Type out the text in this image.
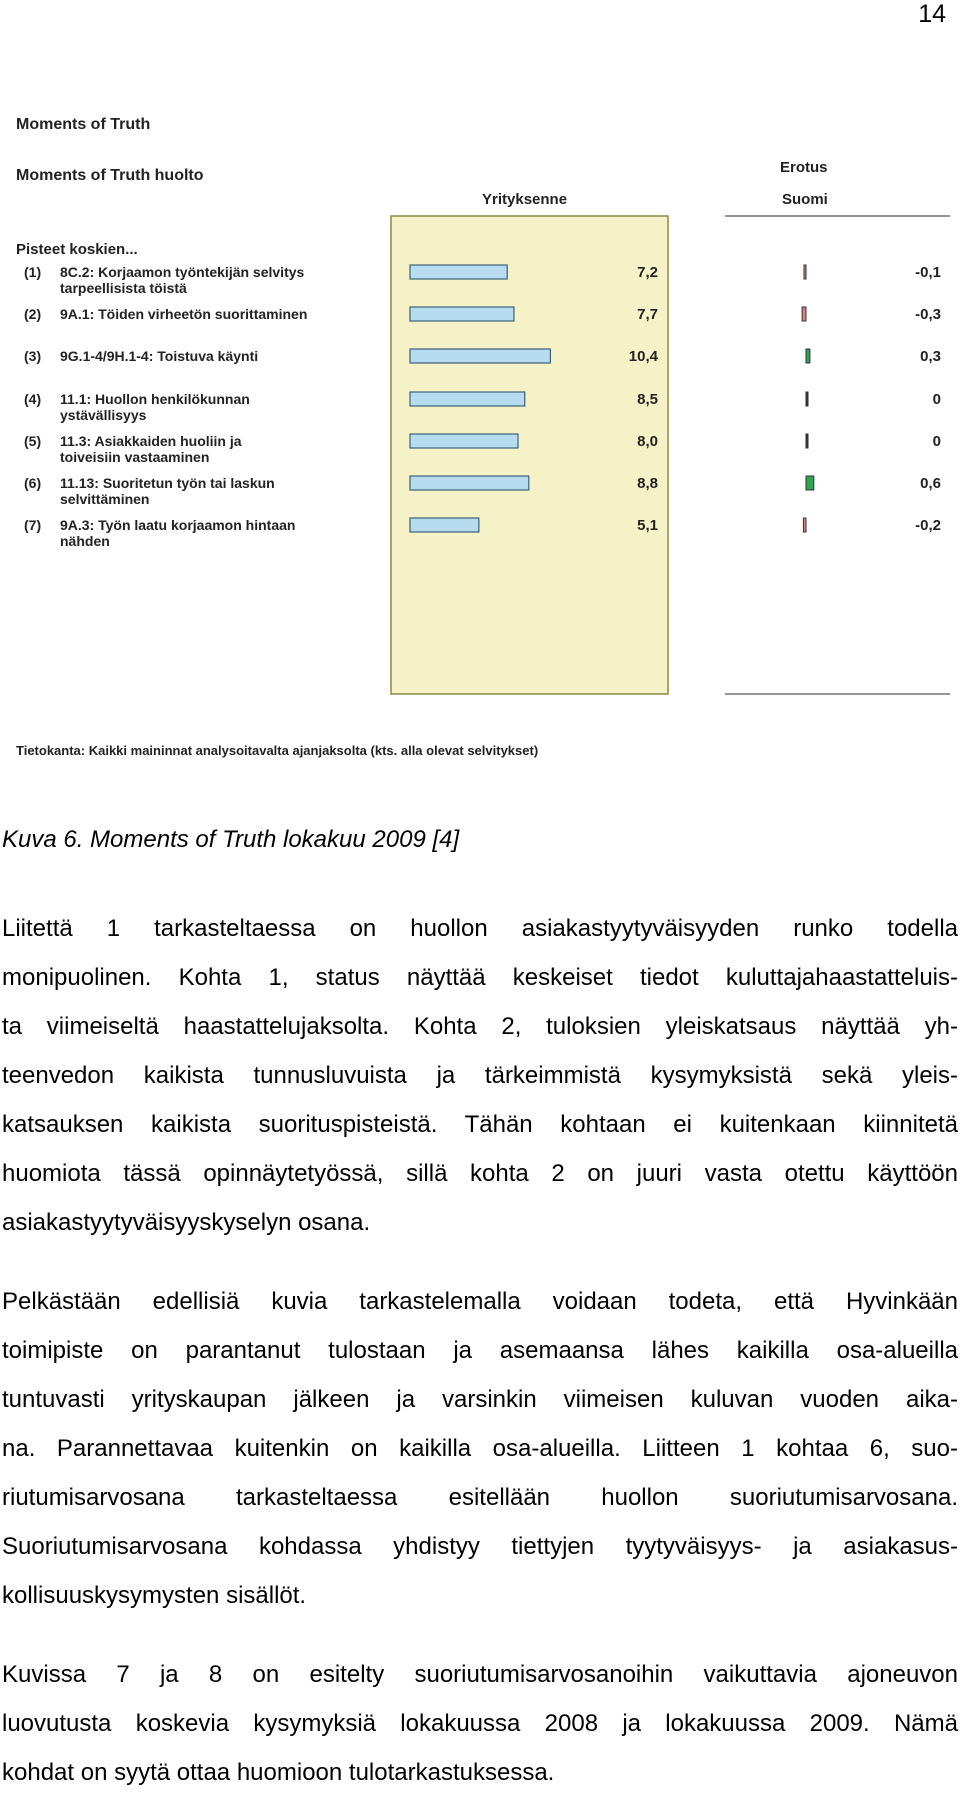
14
Moments of Truth
Moments of Truth huolto
Yrityksenne
Erotus
Suomi
Pisteet koskien...
(1) 8C.2: Korjaamon työntekijän selvitys
tarpeellisista töistä
7,2	-0,1
(2) 9A.1: Töiden virheetön suorittaminen	7,7	-0,3
(3) 9G.1-4/9H.1-4: Toistuva käynti	10,4	0,3
(4) 11.1: Huollon henkilökunnan
ystävällisyys
8,5	0
(5) 11.3: Asiakkaiden huoliin ja
toiveisiin vastaaminen
8,0	0
(6) 11.13: Suoritetun työn tai laskun
selvittäminen
8,8	0,6
(7) 9A.3: Työn laatu korjaamon hintaan
nähden
5,1	-0,2
Tietokanta: Kaikki maininnat analysoitavalta ajanjaksolta (kts. alla olevat selvitykset)
Kuva 6. Moments of Truth lokakuu 2009 [4]
Liitettä 1 tarkasteltaessa on huollon asiakastyytyväisyyden runko todella
monipuolinen. Kohta 1, status näyttää keskeiset tiedot kuluttajahaastatteluis-
ta viimeiseltä haastattelujaksolta. Kohta 2, tuloksien yleiskatsaus näyttää yh-
teenvedon kaikista tunnusluvuista ja tärkeimmistä kysymyksistä sekä yleis-
katsauksen kaikista suorituspisteistä. Tähän kohtaan ei kuitenkaan kiinnitetä
huomiota tässä opinnäytetyössä, sillä kohta 2 on juuri vasta otettu käyttöön
asiakastyytyväisyyskyselyn osana.
Pelkästään edellisiä kuvia tarkastelemalla voidaan todeta, että Hyvinkään
toimipiste on parantanut tulostaan ja asemaansa lähes kaikilla osa-alueilla
tuntuvasti yrityskaupan jälkeen ja varsinkin viimeisen kuluvan vuoden aika-
na. Parannettavaa kuitenkin on kaikilla osa-alueilla. Liitteen 1 kohtaa 6, suo-
riutumisarvosana tarkasteltaessa esitellään huollon suoriutumisarvosana.
Suoriutumisarvosana kohdassa yhdistyy tiettyjen tyytyväisyys- ja asiakasus-
kollisuuskysymysten sisällöt.
Kuvissa 7 ja 8 on esitelty suoriutumisarvosanoihin vaikuttavia ajoneuvon
luovutusta koskevia kysymyksiä lokakuussa 2008 ja lokakuussa 2009. Nämä
kohdat on syytä ottaa huomioon tulotarkastuksessa.
